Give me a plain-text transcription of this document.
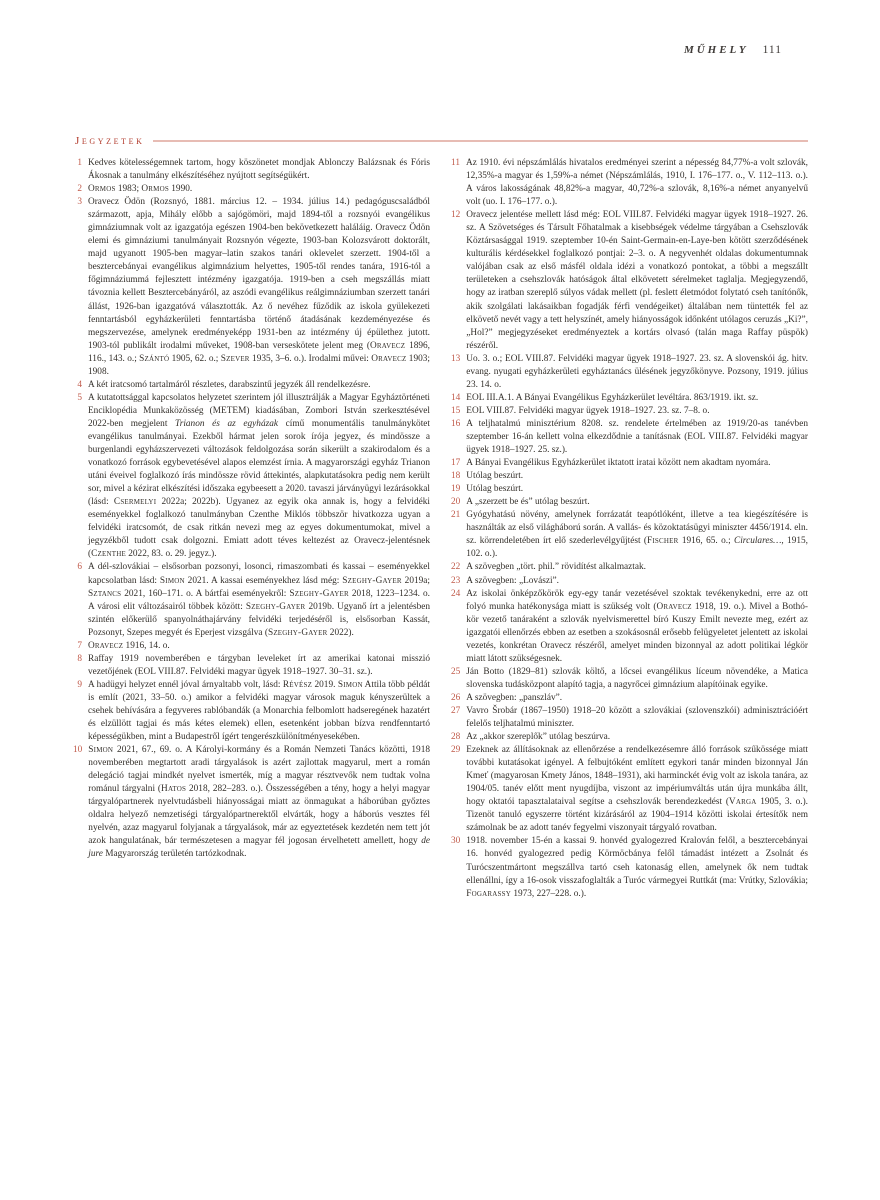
MŰHELY 111
Jegyzetek
1 Kedves kötelességemnek tartom, hogy köszönetet mondjak Ablonczy Balázsnak és Fóris Ákosnak a tanulmány elkészítéséhez nyújtott segítségükért.
2 Ormos 1983; Ormos 1990.
3 Oravecz Ödön (Rozsnyó, 1881. március 12. – 1934. július 14.) pedagóguscsaládból származott, apja, Mihály előbb a sajógömöri, majd 1894-től a rozsnyói evangélikus gimnáziumnak volt az igazgatója egészen 1904-ben bekövetkezett haláláig. Oravecz Ödön elemi és gimnáziumi tanulmányait Rozsnyón végezte, 1903-ban Kolozsvárott doktorált, majd ugyanott 1905-ben magyar–latin szakos tanári oklevelet szerzett. 1904-től a besztercebányai evangélikus algimnázium helyettes, 1905-től rendes tanára, 1916-tól a főgimnáziummá fejlesztett intézmény igazgatója. 1919-ben a cseh megszállás miatt távoznia kellett Besztercebányáról, az aszódi evangélikus reálgimnáziumban szerzett tanári állást, 1926-ban igazgatóvá választották. Az ő nevéhez fűződik az iskola gyülekezeti fenntartásból egyházkerületi fenntartásba történő átadásának kezdeményezése és megszervezése, amelynek eredményeképp 1931-ben az intézmény új épülethez jutott. 1903-tól publikált irodalmi műveket, 1908-ban verseskötete jelent meg (Oravecz 1896, 116., 143. o.; Szántó 1905, 62. o.; Szever 1935, 3–6. o.). Irodalmi művei: Oravecz 1903; 1908.
4 A két iratcsomó tartalmáról részletes, darabszintű jegyzék áll rendelkezésre.
5 A kutatottsággal kapcsolatos helyzetet szerintem jól illusztrálják a Magyar Egyháztörténeti Enciklopédia Munkaközösség (METEM) kiadásában, Zombori István szerkesztésével 2022-ben megjelent Trianon és az egyházak című monumentális tanulmánykötet evangélikus tanulmányai. Ezekből hármat jelen sorok írója jegyez, és mindössze a burgenlandi egyházszervezeti változások feldolgozása során sikerült a szakirodalom és a vonatkozó források egybevetésével alapos elemzést írnia. A magyarországi egyház Trianon utáni éveivel foglalkozó írás mindössze rövid áttekintés, alapkutatásokra pedig nem került sor, mivel a kézirat elkészítési időszaka egybeesett a 2020. tavaszi járványügyi lezárásokkal (lásd: Csermelyi 2022a; 2022b). Ugyanez az egyik oka annak is, hogy a felvidéki eseményekkel foglalkozó tanulmányban Czenthe Miklós többször hivatkozza ugyan a felvidéki iratcsomót, de csak ritkán nevezi meg az egyes dokumentumokat, mivel a jegyzékből tudott csak dolgozni. Emiatt adott téves keltezést az Oravecz-jelentésnek (Czenthe 2022, 83. o. 29. jegyz.).
6 A dél-szlovákiai – elsősorban pozsonyi, losonci, rimaszombati és kassai – eseményekkel kapcsolatban lásd: Simon 2021. A kassai eseményekhez lásd még: Szeghy-Gayer 2019a; Sztancs 2021, 160–171. o. A bártfai eseményekről: Szeghy-Gayer 2018, 1223–1234. o. A városi elit változásairól többek között: Szeghy-Gayer 2019b. Ugyanő írt a jelentésben szintén előkerülő spanyolnáthajárvány felvidéki terjedéséről is, elsősorban Kassát, Pozsonyt, Szepes megyét és Eperjest vizsgálva (Szeghy-Gayer 2022).
7 Oravecz 1916, 14. o.
8 Raffay 1919 novemberében e tárgyban leveleket írt az amerikai katonai misszió vezetőjének (EOL VIII.87. Felvidéki magyar ügyek 1918–1927. 30–31. sz.).
9 A hadügyi helyzet ennél jóval árnyaltabb volt, lásd: Révész 2019. Simon Attila több példát is említ (2021, 33–50. o.) amikor a felvidéki magyar városok maguk kényszerültek a csehek behívására a fegyveres rablóbandák (a Monarchia felbomlott hadseregének hazatért és elzüllött tagjai és más kétes elemek) ellen, esetenként jobban bízva rendfenntartó képességükben, mint a Budapestről ígért tengerészkülönítményesekében.
10 Simon 2021, 67., 69. o. A Károlyi-kormány és a Román Nemzeti Tanács közötti, 1918 novemberében megtartott aradi tárgyalások is azért zajlottak magyarul, mert a román delegáció tagjai mindkét nyelvet ismerték, míg a magyar résztvevők nem tudtak volna románul tárgyalni (Hatos 2018, 282–283. o.). Összességében a tény, hogy a helyi magyar tárgyalópartnerek nyelvtudásbeli hiányosságai miatt az önmagukat a háborúban győztes oldalra helyező nemzetiségi tárgyalópartnerektől elvárták, hogy a háborús vesztes fél nyelvén, azaz magyarul folyjanak a tárgyalások, már az egyeztetések kezdetén nem tett jót azok hangulatának, bár természetesen a magyar fél jogosan érvelhetett amellett, hogy de jure Magyarország területén tartózkodnak.
11 Az 1910. évi népszámlálás hivatalos eredményei szerint a népesség 84,77%-a volt szlovák, 12,35%-a magyar és 1,59%-a német (Népszámlálás, 1910, I. 176–177. o., V. 112–113. o.). A város lakosságának 48,82%-a magyar, 40,72%-a szlovák, 8,16%-a német anyanyelvű volt (uo. I. 176–177. o.).
12 Oravecz jelentése mellett lásd még: EOL VIII.87. Felvidéki magyar ügyek 1918–1927. 26. sz. A Szövetséges és Társult Főhatalmak a kisebbségek védelme tárgyában a Csehszlovák Köztársasággal 1919. szeptember 10-én Saint-Germain-en-Laye-ben kötött szerződésének kulturális kérdésekkel foglalkozó pontjai: 2–3. o. A negyvenhét oldalas dokumentumnak valójában csak az első másfél oldala idézi a vonatkozó pontokat, a többi a megszállt területeken a csehszlovák hatóságok által elkövetett sérelmeket taglalja. Megjegyzendő, hogy az iratban szereplő súlyos vádak mellett (pl. feslett életmódot folytató cseh tanítónők, akik szolgálati lakásaikban fogadják férfi vendégeiket) általában nem tüntették fel az elkövető nevét vagy a tett helyszínét, amely hiányosságok időnként utólagos ceruzás „Ki?”, „Hol?” megjegyzéseket eredményeztek a kortárs olvasó (talán maga Raffay püspök) részéről.
13 Uo. 3. o.; EOL VIII.87. Felvidéki magyar ügyek 1918–1927. 23. sz. A slovenskói ág. hitv. evang. nyugati egyházkerületi egyháztanács ülésének jegyzőkönyve. Pozsony, 1919. július 23. 14. o.
14 EOL III.A.1. A Bányai Evangélikus Egyházkerület levéltára. 863/1919. ikt. sz.
15 EOL VIII.87. Felvidéki magyar ügyek 1918–1927. 23. sz. 7–8. o.
16 A teljhatalmú minisztérium 8208. sz. rendelete értelmében az 1919/20-as tanévben szeptember 16-án kellett volna elkezdődnie a tanításnak (EOL VIII.87. Felvidéki magyar ügyek 1918–1927. 25. sz.).
17 A Bányai Evangélikus Egyházkerület iktatott iratai között nem akadtam nyomára.
18 Utólag beszúrt.
19 Utólag beszúrt.
20 A „szerzett be és” utólag beszúrt.
21 Gyógyhatású növény, amelynek forrázatát teapótlóként, illetve a tea kiegészítésére is használták az első világháború során. A vallás- és közoktatásügyi miniszter 4456/1914. eln. sz. körrendeletében írt elő szederlevélgyűjtést (Fischer 1916, 65. o.; Circulares…, 1915, 102. o.).
22 A szövegben „tört. phil.” rövidítést alkalmaztak.
23 A szövegben: „Lovászi”.
24 Az iskolai önképzőkörök egy-egy tanár vezetésével szoktak tevékenykedni, erre az ott folyó munka hatékonysága miatt is szükség volt (Oravecz 1918, 19. o.). Mivel a Bothó-kör vezető tanáraként a szlovák nyelvismerettel bíró Kuszy Emilt nevezte meg, ezért az igazgatói ellenőrzés ebben az esetben a szokásosnál erősebb felügyeletet jelentett az iskolai vezetés, konkrétan Oravecz részéről, amelyet minden bizonnyal az adott politikai légkör miatt látott szükségesnek.
25 Ján Botto (1829–81) szlovák költő, a lőcsei evangélikus líceum növendéke, a Matica slovenska tudásközpont alapító tagja, a nagyrőcei gimnázium alapítóinak egyike.
26 A szövegben: „panszláv”.
27 Vavro Šrobár (1867–1950) 1918–20 között a szlovákiai (szlovenszkói) adminisztrációért felelős teljhatalmú miniszter.
28 Az „akkor szereplők” utólag beszúrva.
29 Ezeknek az állításoknak az ellenőrzése a rendelkezésemre álló források szűkössége miatt további kutatásokat igényel. A felbujtóként említett egykori tanár minden bizonnyal Ján Kmeť (magyarosan Kmety János, 1848–1931), aki harminckét évig volt az iskola tanára, az 1904/05. tanév előtt ment nyugdíjba, viszont az impériumváltás után újra munkába állt, hogy oktatói tapasztalataival segítse a csehszlovák berendezkedést (Varga 1905, 3. o.). Tizenöt tanuló egyszerre történt kizárásáról az 1904–1914 közötti iskolai értesítők nem számolnak be az adott tanév fegyelmi viszonyait tárgyaló rovatban.
30 1918. november 15-én a kassai 9. honvéd gyalogezred Kralován felől, a besztercebányai 16. honvéd gyalogezred pedig Körmöcbánya felől támadást intézett a Zsolnát és Turócszentmártont megszállva tartó cseh katonaság ellen, amelynek ők nem tudtak ellenállni, így a 16-osok visszafoglalták a Turóc vármegyei Ruttkát (ma: Vrútky, Szlovákia; Fogarassy 1973, 227–228. o.).
